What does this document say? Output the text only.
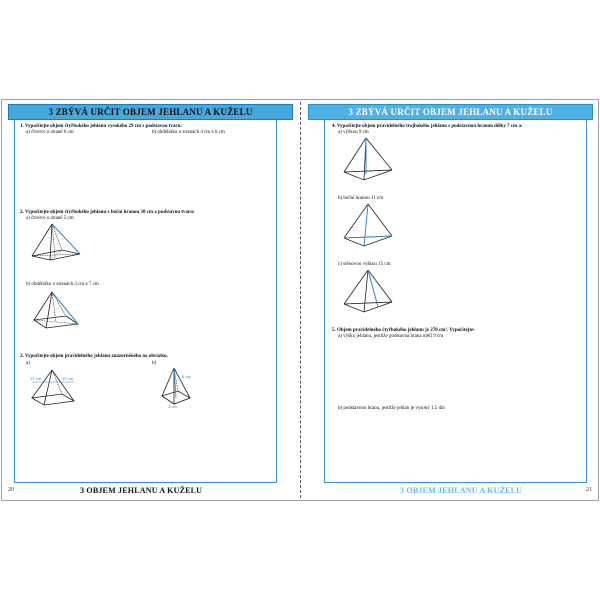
3 ZBÝVÁ URČIT OBJEM JEHLANU A KUŽELU
1. Vypočítejte objem čtyřbokého jehlanu vysokého 29 cm s podstavou tvaru:
a) čtverce o straně 6 cm	b) obdélníku o stranách 4 cm a 6 cm
2. Vypočítejte objem čtyřbokého jehlanu s boční hranou 30 cm a podstavou tvaru:
a) čtverce o straně 5 cm
b) obdélníku o stranách 3 cm a 7 cm
3. Vypočítejte objem pravidelného jehlanu znázorněného na obrázku.
a)	b)
12 cm	15 cm	6 cm
4 cm
20	3 OBJEM JEHLANU A KUŽELU
3 ZBÝVÁ URČIT OBJEM JEHLANU A KUŽELU
4. Vypočítejte objem pravidelného trojbokého jehlanu s podstavnou hranou délky 7 cm a:
a) výškou 9 cm
b) boční hranou 11 cm
c) stěnovou výškou 15 cm
5. Objem pravidelného čtyřbokého jehlanu je 270 cm³. Vypočítejte:
a) výšku jehlanu, jestliže podstavná hrana měří 9 cm
b) podstavnou hranu, jestliže jehlan je vysoký 1,5 dm
3 OBJEM JEHLANU A KUŽELU	21
